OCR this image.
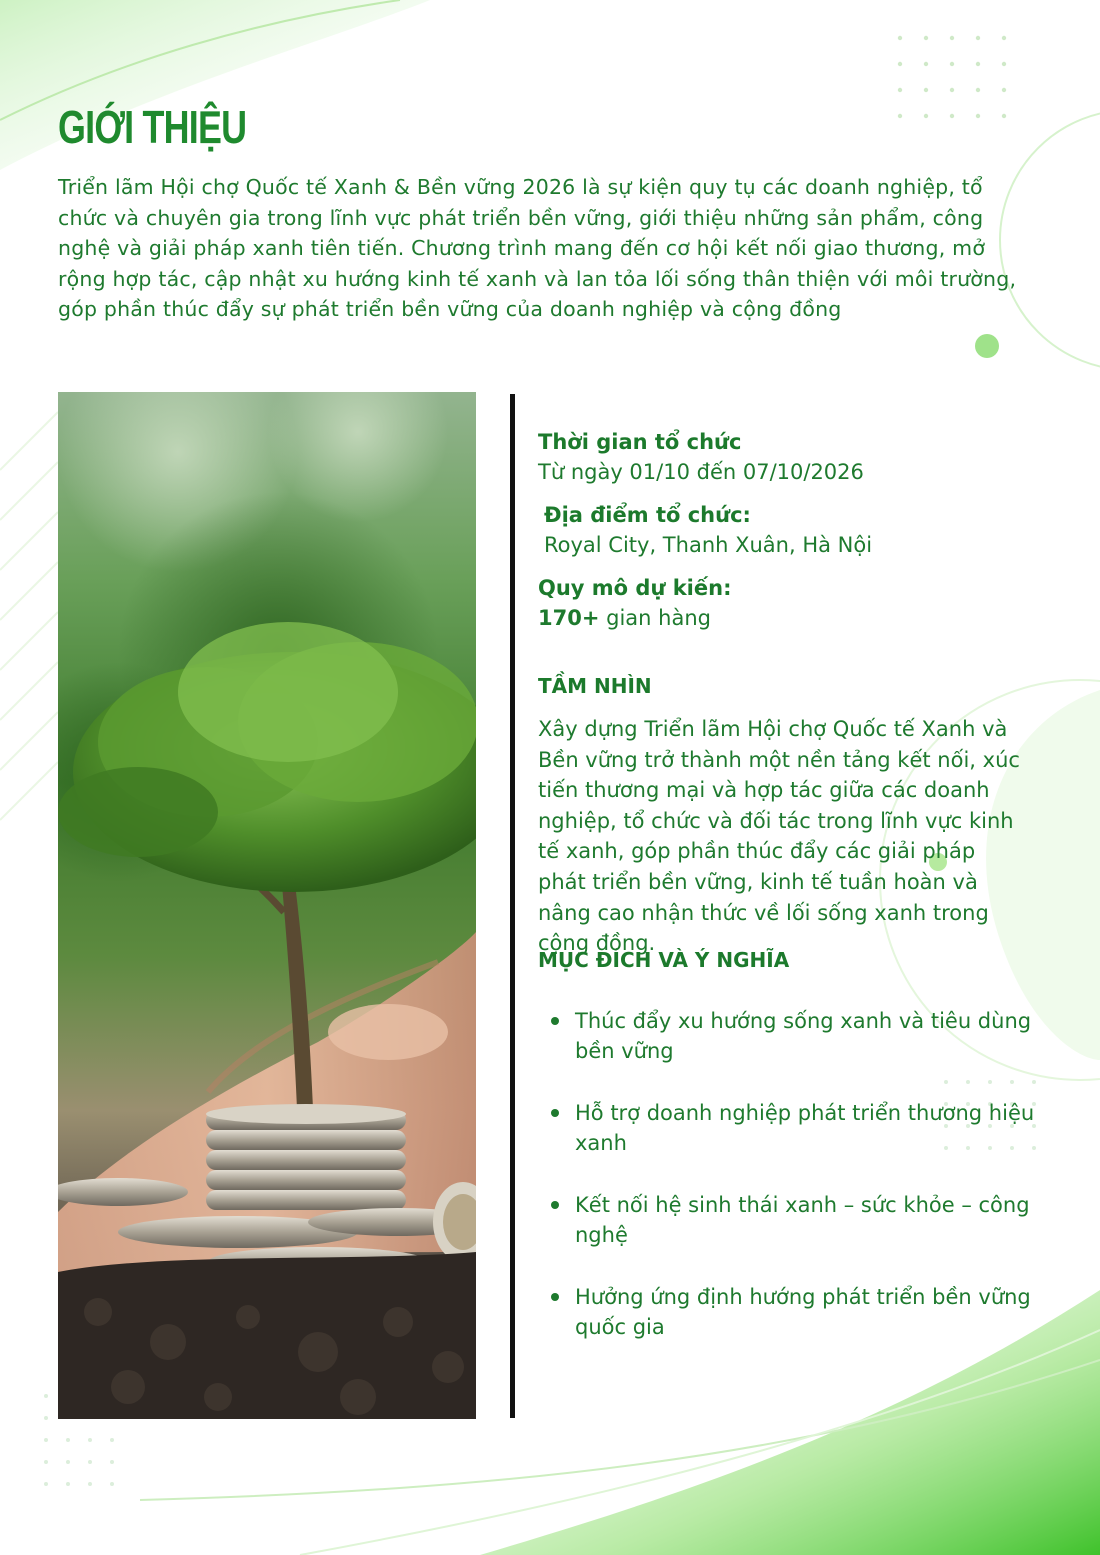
GIỚI THIỆU

Triển lãm Hội chợ Quốc tế Xanh & Bền vững 2026 là sự kiện quy tụ các doanh nghiệp, tổ chức và chuyên gia trong lĩnh vực phát triển bền vững, giới thiệu những sản phẩm, công nghệ và giải pháp xanh tiên tiến. Chương trình mang đến cơ hội kết nối giao thương, mở rộng hợp tác, cập nhật xu hướng kinh tế xanh và lan tỏa lối sống thân thiện với môi trường, góp phần thúc đẩy sự phát triển bền vững của doanh nghiệp và cộng đồng

Thời gian tổ chức
Từ ngày 01/10 đến 07/10/2026
Địa điểm tổ chức:
Royal City, Thanh Xuân, Hà Nội
Quy mô dự kiến:
170+ gian hàng
TẦM NHÌN

Xây dựng Triển lãm Hội chợ Quốc tế Xanh và Bền vững trở thành một nền tảng kết nối, xúc tiến thương mại và hợp tác giữa các doanh nghiệp, tổ chức và đối tác trong lĩnh vực kinh tế xanh, góp phần thúc đẩy các giải pháp phát triển bền vững, kinh tế tuần hoàn và nâng cao nhận thức về lối sống xanh trong cộng đồng.

MỤC ĐÍCH VÀ Ý NGHĨA
Thúc đẩy xu hướng sống xanh và tiêu dùng bền vững
Hỗ trợ doanh nghiệp phát triển thương hiệu xanh
Kết nối hệ sinh thái xanh – sức khỏe – công nghệ
Hưởng ứng định hướng phát triển bền vững quốc gia
